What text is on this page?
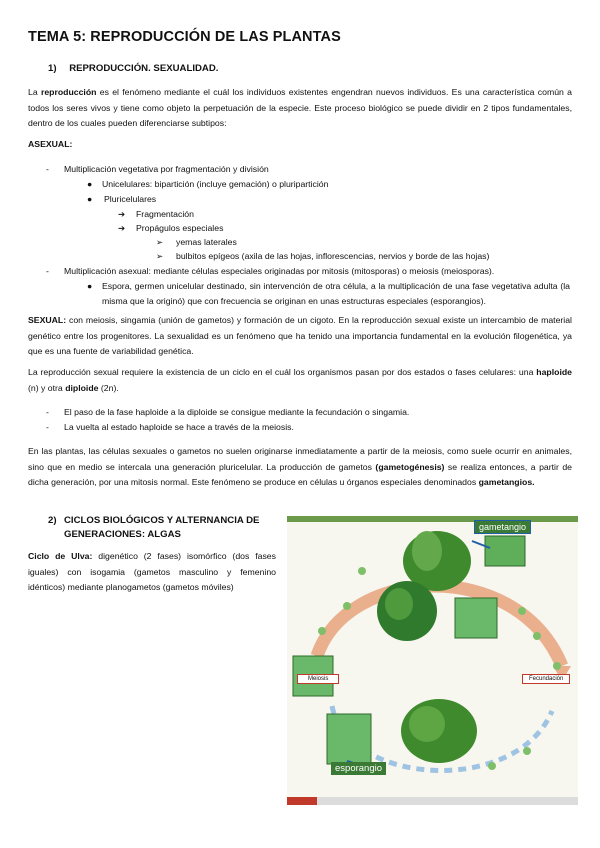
TEMA 5: REPRODUCCIÓN DE LAS PLANTAS
1) REPRODUCCIÓN. SEXUALIDAD.
La reproducción es el fenómeno mediante el cuál los individuos existentes engendran nuevos individuos. Es una característica común a todos los seres vivos y tiene como objeto la perpetuación de la especie. Este proceso biológico se puede dividir en 2 tipos fundamentales, dentro de los cuales pueden diferenciarse subtipos:
ASEXUAL:
- Multiplicación vegetativa por fragmentación y división
● Unicelulares: bipartición (incluye gemación) o pluripartición
● Pluricelulares
➔ Fragmentación
➔ Propágulos especiales
➢ yemas laterales
➢ bulbitos epígeos (axila de las hojas, inflorescencias, nervios y borde de las hojas)
- Multiplicación asexual: mediante células especiales originadas por mitosis (mitosporas) o meiosis (meiosporas).
● Espora, germen unicelular destinado, sin intervención de otra célula, a la multiplicación de una fase vegetativa adulta (la misma que la originó) que con frecuencia se originan en unas estructuras especiales (esporangios).
SEXUAL: con meiosis, singamia (unión de gametos) y formación de un cigoto. En la reproducción sexual existe un intercambio de material genético entre los progenitores. La sexualidad es un fenómeno que ha tenido una importancia fundamental en la evolución filogenética, ya que es una fuente de variabilidad genética.
La reproducción sexual requiere la existencia de un ciclo en el cuál los organismos pasan por dos estados o fases celulares: una haploide (n) y otra diploide (2n).
- El paso de la fase haploide a la diploide se consigue mediante la fecundación o singamia.
- La vuelta al estado haploide se hace a través de la meiosis.
En las plantas, las células sexuales o gametos no suelen originarse inmediatamente a partir de la meiosis, como suele ocurrir en animales, sino que en medio se intercala una generación pluricelular. La producción de gametos (gametogénesis) se realiza entonces, a partir de dicha generación, por una mitosis normal. Este fenómeno se produce en células u órganos especiales denominados gametangios.
2) CICLOS BIOLÓGICOS Y ALTERNANCIA DE GENERACIONES: ALGAS
Ciclo de Ulva: digenético (2 fases) isomórfico (dos fases iguales) con isogamia (gametos masculino y femenino idénticos) mediante planogametos (gametos móviles)
gametangio
esporangio
Meiosis	Fecundación
